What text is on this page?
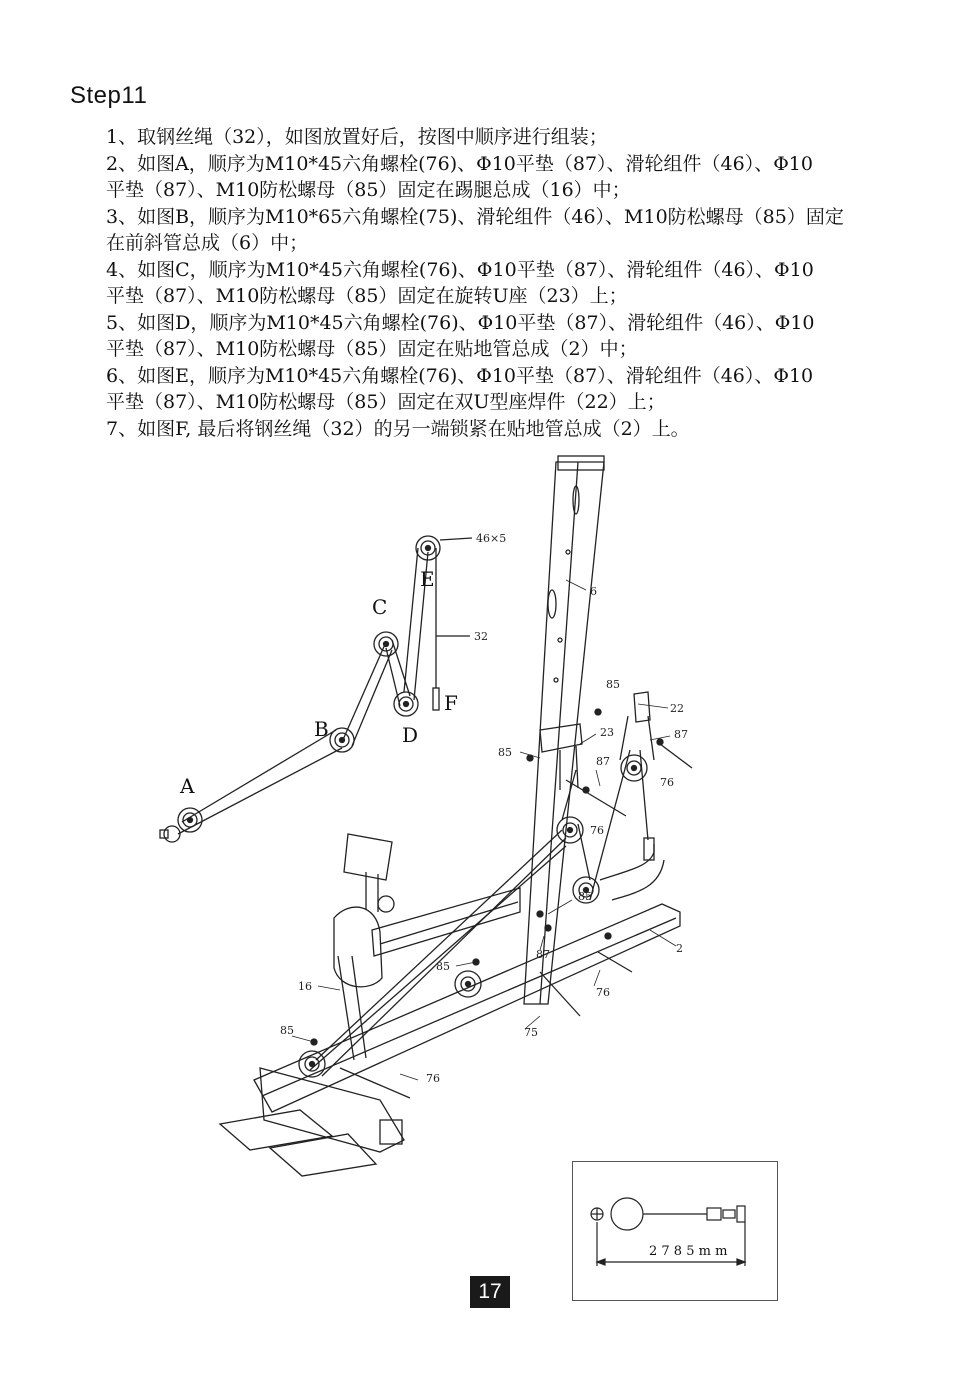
Step11

1、取钢丝绳（32），如图放置好后，按图中顺序进行组装；

2、如图A，顺序为M10*45六角螺栓(76)、Φ10平垫（87）、滑轮组件（46）、Φ10

平垫（87）、M10防松螺母（85）固定在踢腿总成（16）中；

3、如图B，顺序为M10*65六角螺栓(75)、滑轮组件（46）、M10防松螺母（85）固定

在前斜管总成（6）中；

4、如图C，顺序为M10*45六角螺栓(76)、Φ10平垫（87）、滑轮组件（46）、Φ10

平垫（87）、M10防松螺母（85）固定在旋转U座（23）上；

5、如图D，顺序为M10*45六角螺栓(76)、Φ10平垫（87）、滑轮组件（46）、Φ10

平垫（87）、M10防松螺母（85）固定在贴地管总成（2）中；

6、如图E，顺序为M10*45六角螺栓(76)、Φ10平垫（87）、滑轮组件（46）、Φ10

平垫（87）、M10防松螺母（85）固定在双U型座焊件（22）上；

7、如图F, 最后将钢丝绳（32）的另一端锁紧在贴地管总成（2）上。

A
B
C
D
E
F
46×5
32
6
85
22
23	87
85
87
76
76
85
87	2
85
76
16
75
85
76
2 7 8 5 m m
17
